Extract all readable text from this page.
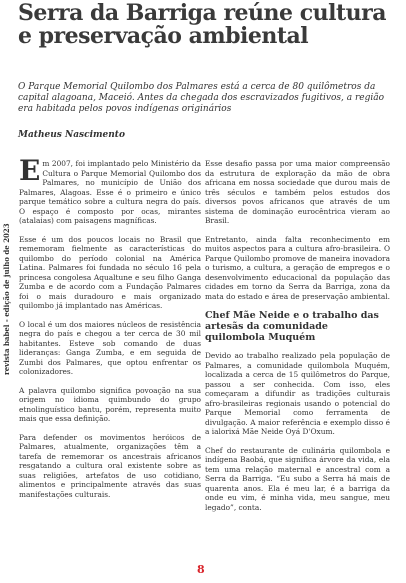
Serra da Barriga reúne cultura e preservação ambiental

O Parque Memorial Quilombo dos Palmares está a cerca de 80 quilômetros da capital alagoana, Maceió. Antes da chegada dos escravizados fugitivos, a região era habitada pelos povos indígenas originários

Matheus Nascimento

revista babel - edição de julho de 2023

Em 2007, foi implantado pelo Ministério da Cultura o Parque Memorial Quilombo dos Palmares, no município de União dos Palmares, Alagoas. Esse é o primeiro e único parque temático sobre a cultura negra do país. O espaço é composto por ocas, mirantes (atalaias) com paisagens magníficas.

Esse é um dos poucos locais no Brasil que rememoram fielmente as características do quilombo do período colonial na América Latina. Palmares foi fundada no século 16 pela princesa congolesa Aqualtune e seu filho Ganga Zumba e de acordo com a Fundação Palmares foi o mais duradouro e mais organizado quilombo já implantado nas Américas.

O local é um dos maiores núcleos de resistência negra do país e chegou a ter cerca de 30 mil habitantes. Esteve sob comando de duas lideranças: Ganga Zumba, e em seguida de Zumbi dos Palmares, que optou enfrentar os colonizadores.

A palavra quilombo significa povoação na sua origem no idioma quimbundo do grupo etnolinguístico bantu, porém, representa muito mais que essa definição.

Para defender os movimentos heróicos de Palmares, atualmente, organizações têm a tarefa de rememorar os ancestrais africanos resgatando a cultura oral existente sobre as suas religiões, artefatos de uso cotidiano, alimentos e principalmente através das suas manifestações culturais.

Esse desafio passa por uma maior compreensão da estrutura de exploração da mão de obra africana em nossa sociedade que durou mais de três séculos e também pelos estudos dos diversos povos africanos que através de um sistema de dominação eurocêntrica vieram ao Brasil.

Entretanto, ainda falta reconhecimento em muitos aspectos para a cultura afro-brasileira. O Parque Quilombo promove de maneira inovadora o turismo, a cultura, a geração de empregos e o desenvolvimento educacional da população das cidades em torno da Serra da Barriga, zona da mata do estado e área de preservação ambiental.

Chef Mãe Neide e o trabalho das artesãs da comunidade quilombola Muquém

Devido ao trabalho realizado pela população de Palmares, a comunidade quilombola Muquém, localizada a cerca de 15 quilômetros do Parque, passou a ser conhecida. Com isso, eles começaram a difundir as tradições culturais afro-brasileiras regionais usando o potencial do Parque Memorial como ferramenta de divulgação. A maior referência e exemplo disso é a ialorixá Mãe Neide Oyá D'Oxum.

Chef do restaurante de culinária quilombola e indígena Baobá, que significa árvore da vida, ela tem uma relação maternal e ancestral com a Serra da Barriga. “Eu subo a Serra há mais de quarenta anos. Ela é meu lar, é a barriga da onde eu vim, é minha vida, meu sangue, meu legado”, conta.

8
